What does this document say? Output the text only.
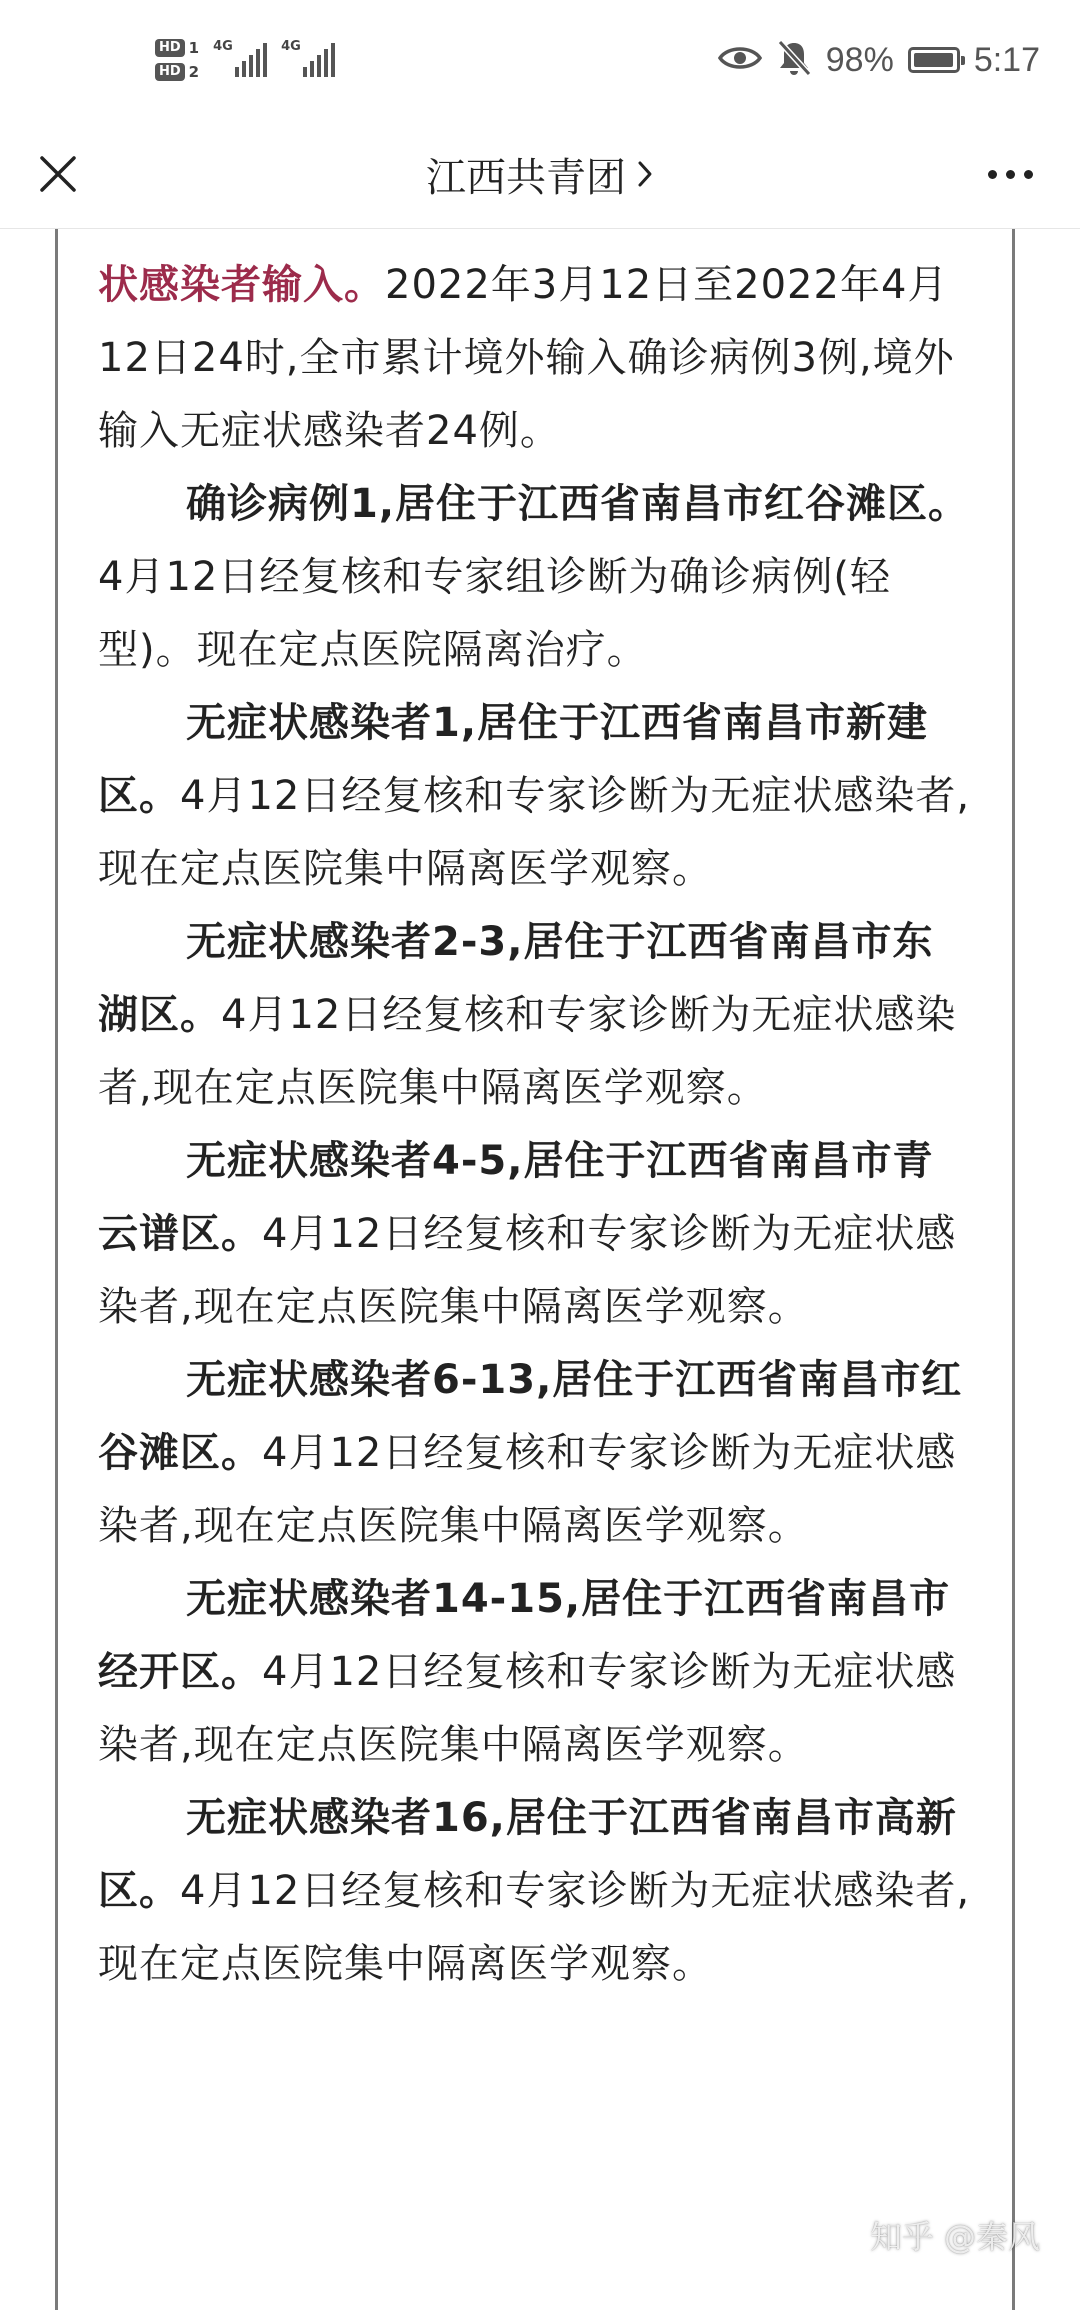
HD 1
HD 2
4G	4G	98% 5:17
江西共青团

状感染者输入。2022年3月12日至2022年4月12日24时,全市累计境外输入确诊病例3例,境外输入无症状感染者24例。

确诊病例1,居住于江西省南昌市红谷滩区。4月12日经复核和专家组诊断为确诊病例(轻型)。现在定点医院隔离治疗。

无症状感染者1,居住于江西省南昌市新建区。4月12日经复核和专家诊断为无症状感染者,现在定点医院集中隔离医学观察。

无症状感染者2-3,居住于江西省南昌市东湖区。4月12日经复核和专家诊断为无症状感染者,现在定点医院集中隔离医学观察。

无症状感染者4-5,居住于江西省南昌市青云谱区。4月12日经复核和专家诊断为无症状感染者,现在定点医院集中隔离医学观察。

无症状感染者6-13,居住于江西省南昌市红谷滩区。4月12日经复核和专家诊断为无症状感染者,现在定点医院集中隔离医学观察。

无症状感染者14-15,居住于江西省南昌市经开区。4月12日经复核和专家诊断为无症状感染者,现在定点医院集中隔离医学观察。

无症状感染者16,居住于江西省南昌市高新区。4月12日经复核和专家诊断为无症状感染者,现在定点医院集中隔离医学观察。

知乎 @秦风
